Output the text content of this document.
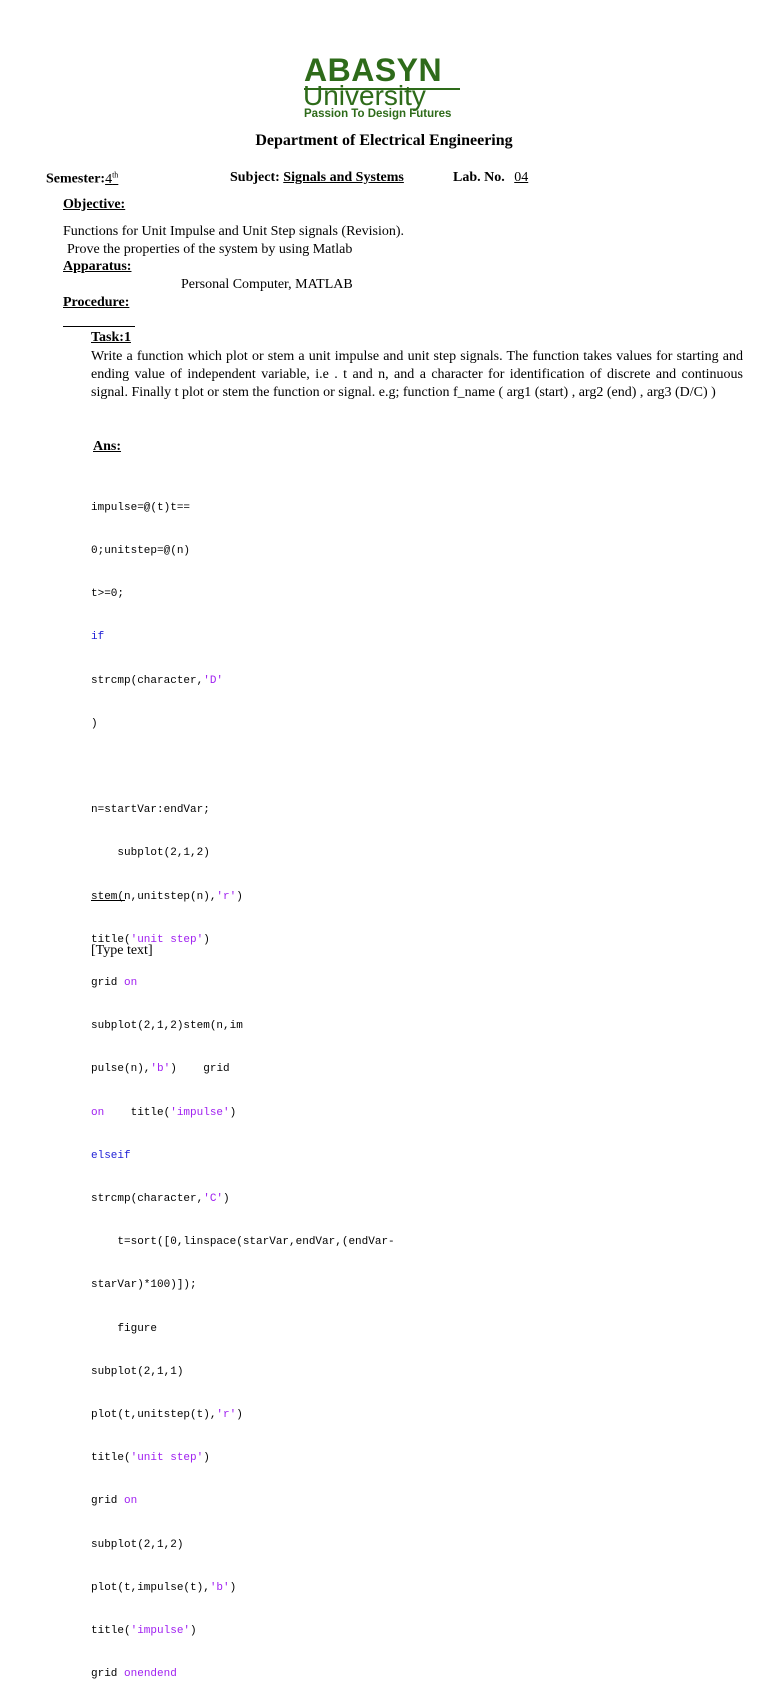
ABASYN
University
Passion To Design Futures
Department of Electrical Engineering
Semester:4th	Subject: Signals and Systems	Lab. No. 04
Objective:
Functions for Unit Impulse and Unit Step signals (Revision).
Prove the properties of the system by using Matlab
Apparatus:
Personal Computer, MATLAB
Procedure:
Task:1
Write a function which plot or stem a unit impulse and unit step signals. The function takes values for starting and ending value of independent variable, i.e . t and n, and a character for identification of discrete and continuous signal. Finally t plot or stem the function or signal. e.g; function f_name ( arg1 (start) , arg2 (end) , arg3 (D/C) )
Ans:

impulse=@(t)t==

0;unitstep=@(n)

t>=0;

if

strcmp(character,'D'

)

n=startVar:endVar;

subplot(2,1,2)

stem(n,unitstep(n),'r')

title('unit step')

grid on

subplot(2,1,2)stem(n,im

pulse(n),'b')    grid

on    title('impulse')

elseif

strcmp(character,'C')

t=sort([0,linspace(starVar,endVar,(endVar-

starVar)*100)]);

figure

subplot(2,1,1)

plot(t,unitstep(t),'r')

title('unit step')

grid on

subplot(2,1,2)

plot(t,impulse(t),'b')

title('impulse')

grid onendend

[Type text]
